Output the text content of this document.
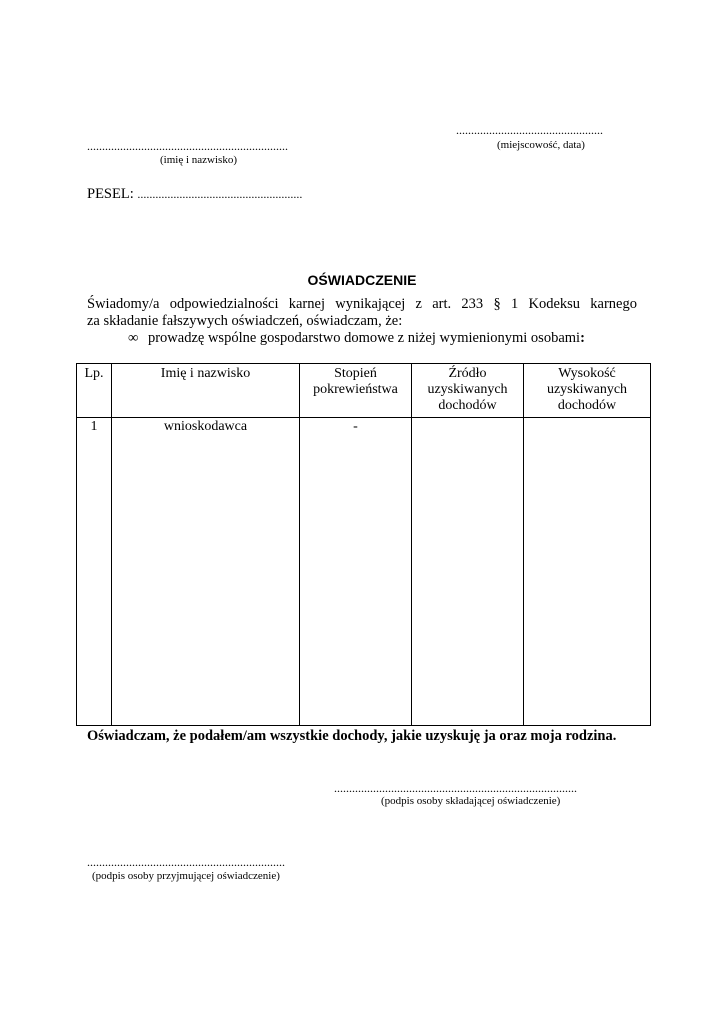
.................................................
(miejscowość, data)
...................................................................
(imię i nazwisko)
PESEL: .......................................................
OŚWIADCZENIE
Świadomy/a odpowiedzialności karnej wynikającej z art. 233 § 1 Kodeksu karnego
za składanie fałszywych oświadczeń, oświadczam, że:
∞ prowadzę wspólne gospodarstwo domowe z niżej wymienionymi osobami:
Lp.	Imię i nazwisko	Stopień pokrewieństwa	Źródło uzyskiwanych dochodów	Wysokość uzyskiwanych dochodów
1	wnioskodawca	-		
Oświadczam, że podałem/am wszystkie dochody, jakie uzyskuję ja oraz moja rodzina.
.................................................................................
(podpis osoby składającej oświadczenie)
..................................................................
(podpis osoby przyjmującej oświadczenie)
